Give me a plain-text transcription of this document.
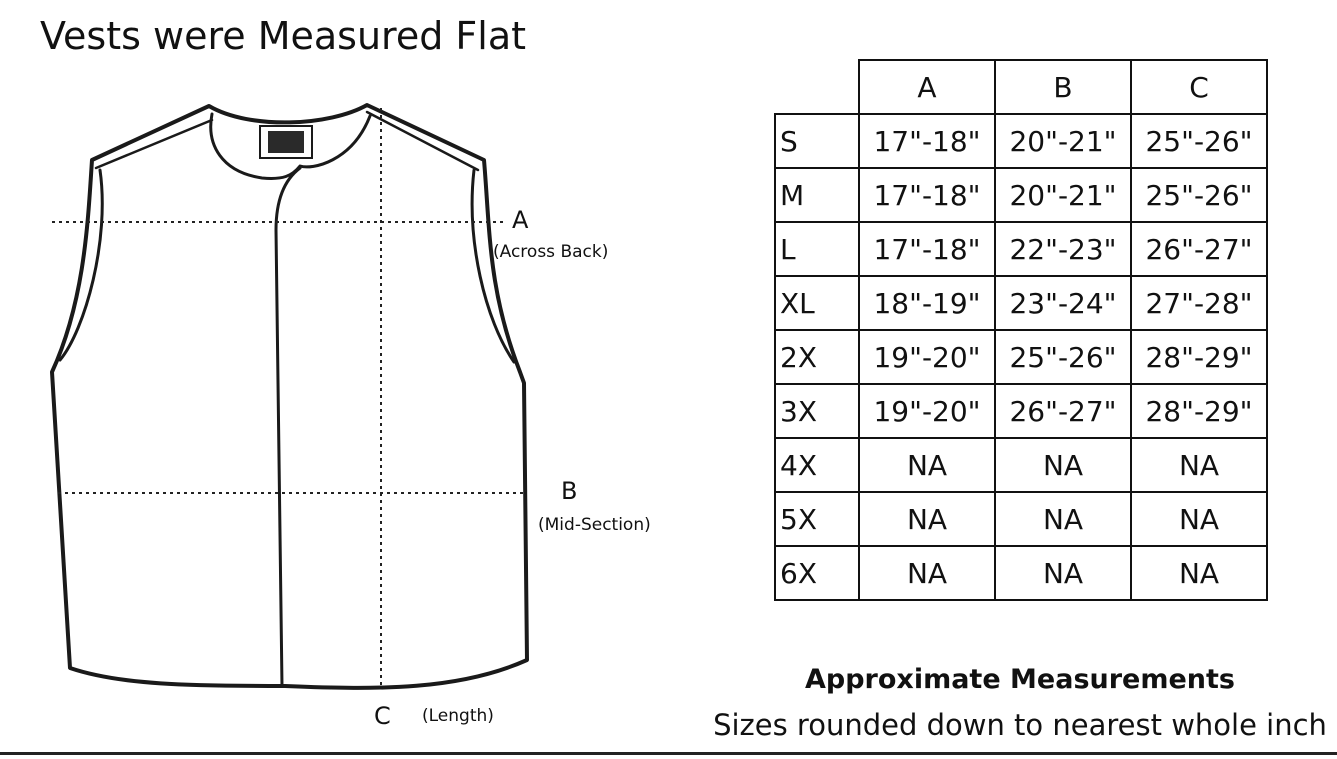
Vests were Measured Flat
A
(Across Back)
B
(Mid-Section)
C (Length)
	A	B	C
S	17"-18"	20"-21"	25"-26"
M	17"-18"	20"-21"	25"-26"
L	17"-18"	22"-23"	26"-27"
XL	18"-19"	23"-24"	27"-28"
2X	19"-20"	25"-26"	28"-29"
3X	19"-20"	26"-27"	28"-29"
4X	NA	NA	NA
5X	NA	NA	NA
6X	NA	NA	NA
Approximate Measurements
Sizes rounded down to nearest whole inch
